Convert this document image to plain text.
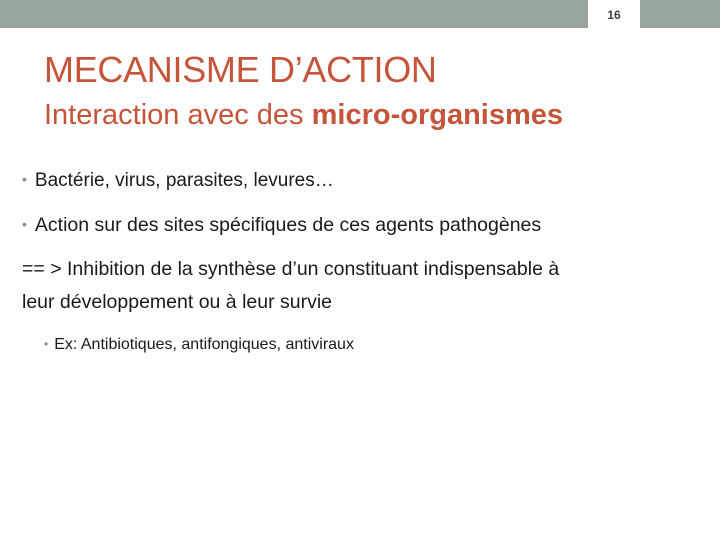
16
MECANISME D’ACTION
Interaction avec des micro-organismes
• Bactérie, virus, parasites, levures…
• Action sur des sites spécifiques de ces agents pathogènes
== > Inhibition de la synthèse d’un constituant indispensable à
leur développement ou à leur survie
• Ex: Antibiotiques, antifongiques, antiviraux
